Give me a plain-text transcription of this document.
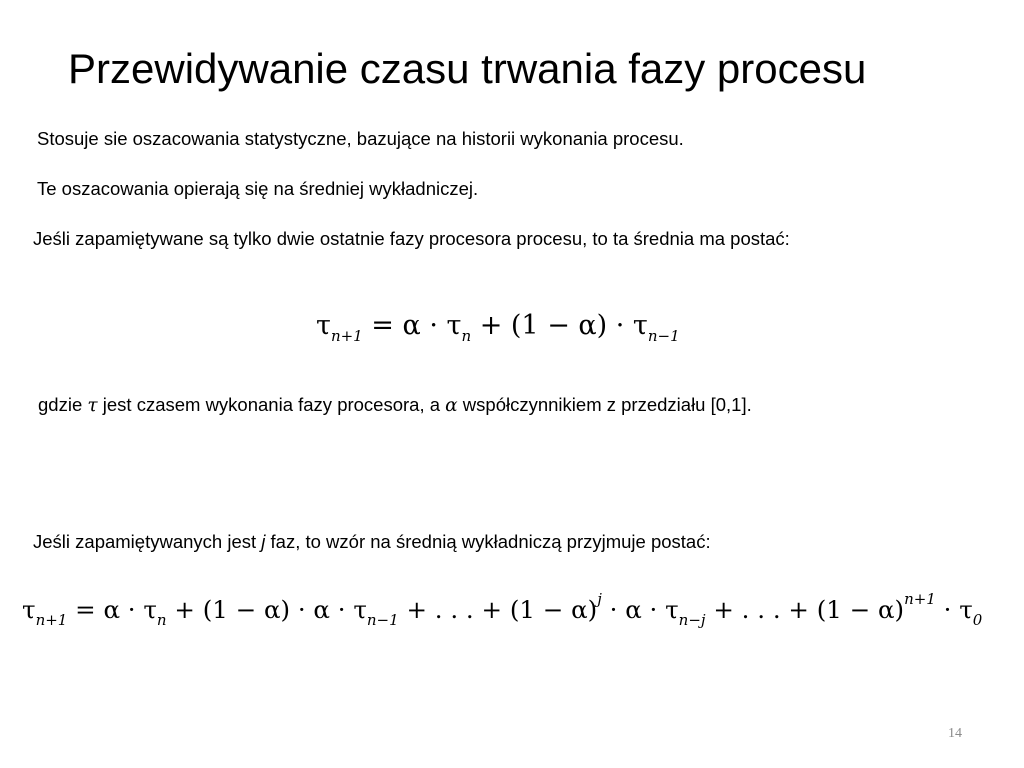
Przewidywanie czasu trwania fazy procesu

Stosuje sie oszacowania statystyczne, bazujące na historii wykonania procesu.

Te oszacowania opierają się na średniej wykładniczej.

Jeśli zapamiętywane są tylko dwie ostatnie fazy procesora procesu, to ta średnia ma postać:

$\tau_{n+1} = \alpha \cdot \tau_n + (1 - \alpha) \cdot \tau_{n-1}$

gdzie τ jest czasem wykonania fazy procesora, a α współczynnikiem z przedziału [0,1].

Jeśli zapamiętywanych jest j faz, to wzór na średnią wykładniczą przyjmuje postać:

$\tau_{n+1} = \alpha \cdot \tau_n + (1 - \alpha) \cdot \alpha \cdot \tau_{n-1}$ + . . . + $(1 - \alpha)^j \cdot \alpha \cdot \tau_{n-j}$ + . . . + $(1 - \alpha)^{n+1} \cdot \tau_0$
14
